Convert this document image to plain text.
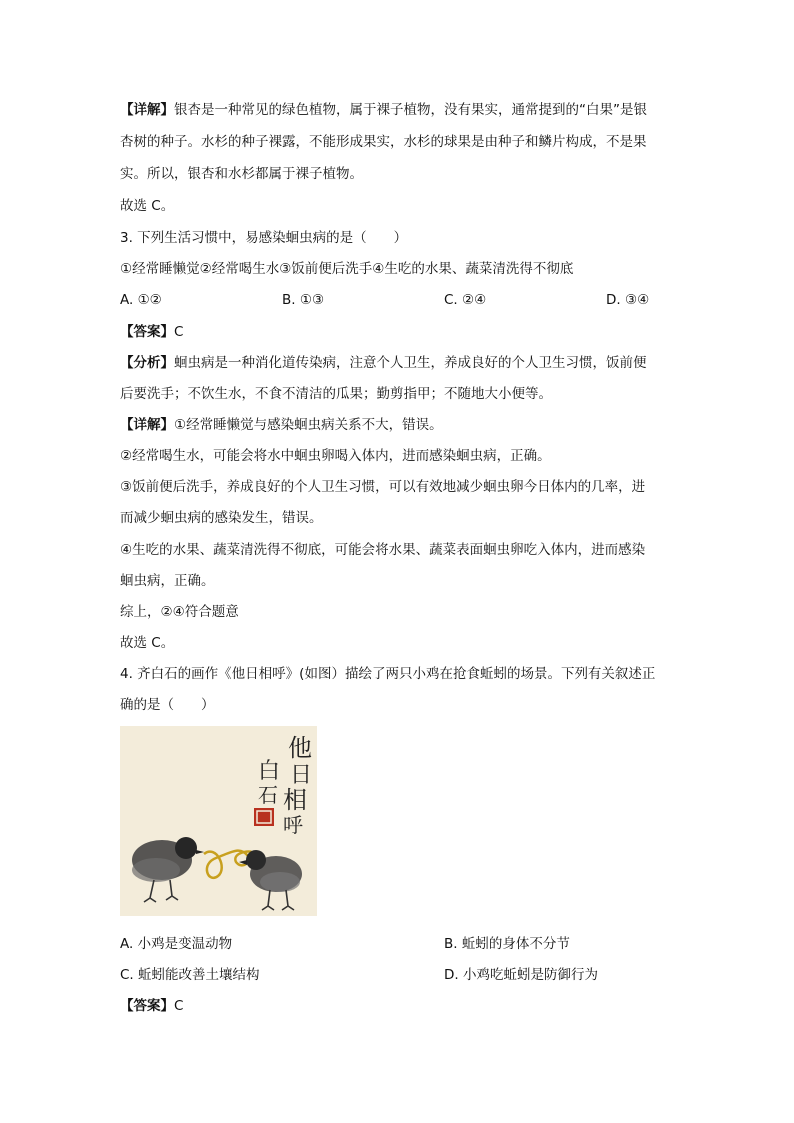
【详解】银杏是一种常见的绿色植物，属于裸子植物，没有果实，通常提到的“白果”是银
杏树的种子。水杉的种子裸露，不能形成果实，水杉的球果是由种子和鳞片构成，不是果
实。所以，银杏和水杉都属于裸子植物。
故选 C。
3. 下列生活习惯中，易感染蛔虫病的是（　　）
①经常睡懒觉②经常喝生水③饭前便后洗手④生吃的水果、蔬菜清洗得不彻底
A. ①②	B. ①③	C. ②④	D. ③④
【答案】C
【分析】蛔虫病是一种消化道传染病，注意个人卫生，养成良好的个人卫生习惯，饭前便
后要洗手；不饮生水，不食不清洁的瓜果；勤剪指甲；不随地大小便等。
【详解】①经常睡懒觉与感染蛔虫病关系不大，错误。
②经常喝生水，可能会将水中蛔虫卵喝入体内，进而感染蛔虫病，正确。
③饭前便后洗手，养成良好的个人卫生习惯，可以有效地减少蛔虫卵今日体内的几率，进
而减少蛔虫病的感染发生，错误。
④生吃的水果、蔬菜清洗得不彻底，可能会将水果、蔬菜表面蛔虫卵吃入体内，进而感染
蛔虫病，正确。
综上，②④符合题意
故选 C。
4. 齐白石的画作《他日相呼》(如图）描绘了两只小鸡在抢食蚯蚓的场景。下列有关叙述正
确的是（　　）
他
日
相
呼
白
石
A. 小鸡是变温动物	B. 蚯蚓的身体不分节
C. 蚯蚓能改善土壤结构	D. 小鸡吃蚯蚓是防御行为
【答案】C
